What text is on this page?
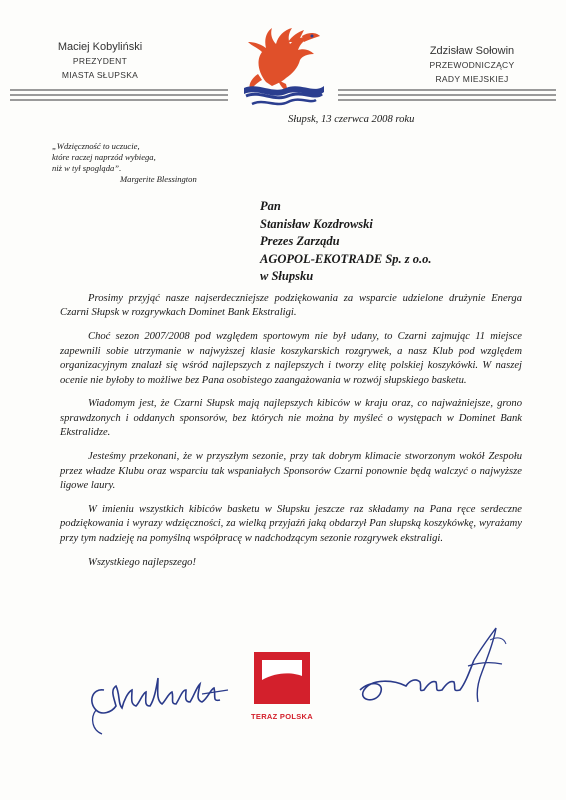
Maciej Kobyliński
PREZYDENT
MIASTA SŁUPSKA
Zdzisław Sołowin
PRZEWODNICZĄCY
RADY MIEJSKIEJ
Słupsk, 13 czerwca 2008 roku
„Wdzięczność to uczucie,
które raczej naprzód wybiega,
niż w tył spogląda”.
Margerite Blessington
Pan
Stanisław Kozdrowski
Prezes Zarządu
AGOPOL-EKOTRADE Sp. z o.o.
w Słupsku

Prosimy przyjąć nasze najserdeczniejsze podziękowania za wsparcie udzielone drużynie Energa Czarni Słupsk w rozgrywkach Dominet Bank Ekstraligi.

Choć sezon 2007/2008 pod względem sportowym nie był udany, to Czarni zajmując 11 miejsce zapewnili sobie utrzymanie w najwyższej klasie koszykarskich rozgrywek, a nasz Klub pod względem organizacyjnym znalazł się wśród najlepszych z najlepszych i tworzy elitę polskiej koszykówki. W naszej ocenie nie byłoby to możliwe bez Pana osobistego zaangażowania w rozwój słupskiego basketu.

Wiadomym jest, że Czarni Słupsk mają najlepszych kibiców w kraju oraz, co najważniejsze, grono sprawdzonych i oddanych sponsorów, bez których nie można by myśleć o występach w Dominet Bank Ekstralidze.

Jesteśmy przekonani, że w przyszłym sezonie, przy tak dobrym klimacie stworzonym wokół Zespołu przez władze Klubu oraz wsparciu tak wspaniałych Sponsorów Czarni ponownie będą walczyć o najwyższe ligowe laury.

W imieniu wszystkich kibiców basketu w Słupsku jeszcze raz składamy na Pana ręce serdeczne podziękowania i wyrazy wdzięczności, za wielką przyjaźń jaką obdarzył Pan słupską koszykówkę, wyrażamy przy tym nadzieję na pomyślną współpracę w nadchodzącym sezonie rozgrywek ekstraligi.

Wszystkiego najlepszego!

TERAZ POLSKA
